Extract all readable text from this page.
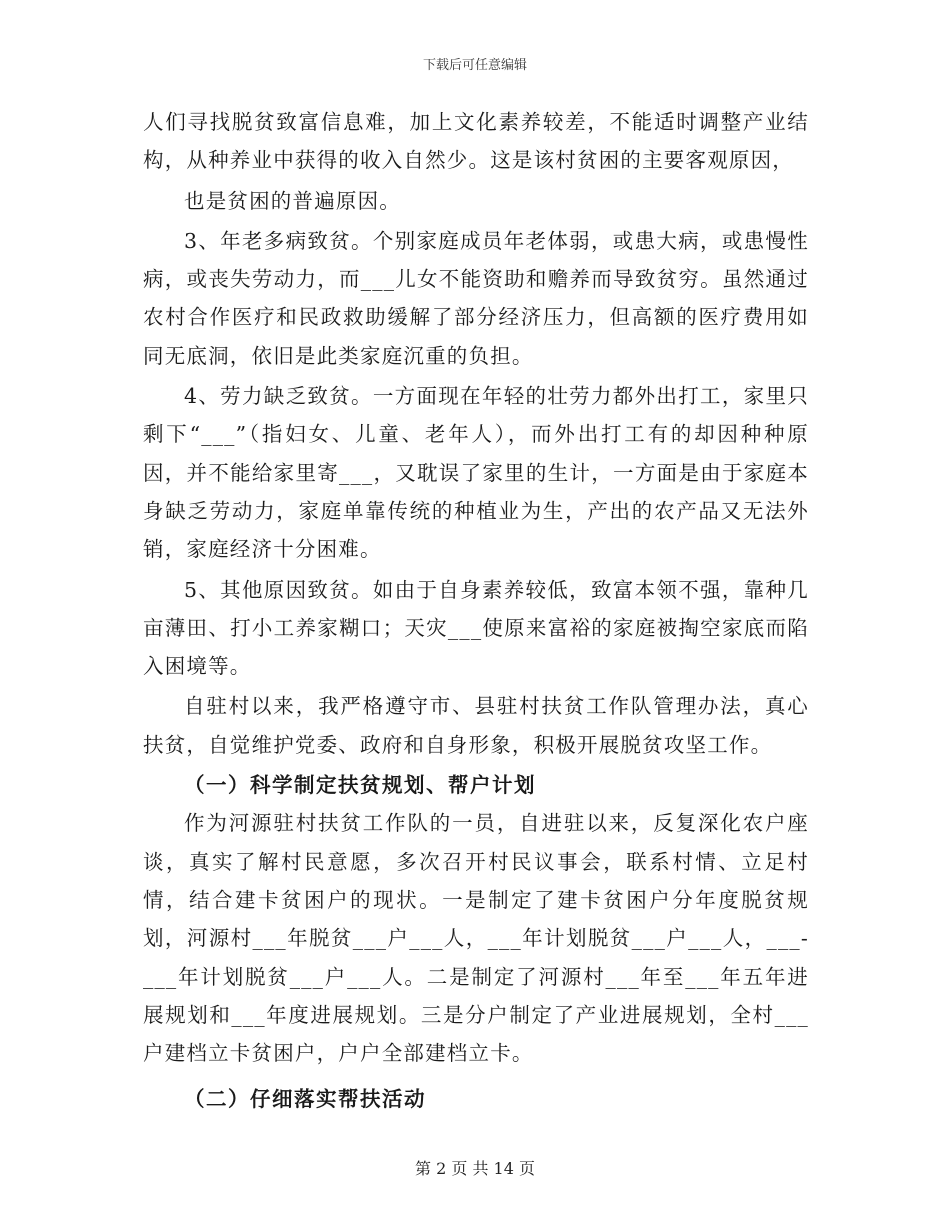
下载后可任意编辑

人们寻找脱贫致富信息难，加上文化素养较差，不能适时调整产业结构，从种养业中获得的收入自然少。这是该村贫困的主要客观原因，

也是贫困的普遍原因。

3、年老多病致贫。个别家庭成员年老体弱，或患大病，或患慢性病，或丧失劳动力，而___儿女不能资助和赡养而导致贫穷。虽然通过农村合作医疗和民政救助缓解了部分经济压力，但高额的医疗费用如同无底洞，依旧是此类家庭沉重的负担。

4、劳力缺乏致贫。一方面现在年轻的壮劳力都外出打工，家里只剩下“___”（指妇女、儿童、老年人），而外出打工有的却因种种原因，并不能给家里寄___，又耽误了家里的生计，一方面是由于家庭本身缺乏劳动力，家庭单靠传统的种植业为生，产出的农产品又无法外销，家庭经济十分困难。

5、其他原因致贫。如由于自身素养较低，致富本领不强，靠种几亩薄田、打小工养家糊口；天灾___使原来富裕的家庭被掏空家底而陷入困境等。

自驻村以来，我严格遵守市、县驻村扶贫工作队管理办法，真心扶贫，自觉维护党委、政府和自身形象，积极开展脱贫攻坚工作。

（一）科学制定扶贫规划、帮户计划

作为河源驻村扶贫工作队的一员，自进驻以来，反复深化农户座谈，真实了解村民意愿，多次召开村民议事会，联系村情、立足村情，结合建卡贫困户的现状。一是制定了建卡贫困户分年度脱贫规划，河源村___年脱贫___户___人，___年计划脱贫___户___人，___-___年计划脱贫___户___人。二是制定了河源村___年至___年五年进展规划和___年度进展规划。三是分户制定了产业进展规划，全村___户建档立卡贫困户，户户全部建档立卡。

（二）仔细落实帮扶活动

第 2 页 共 14 页
